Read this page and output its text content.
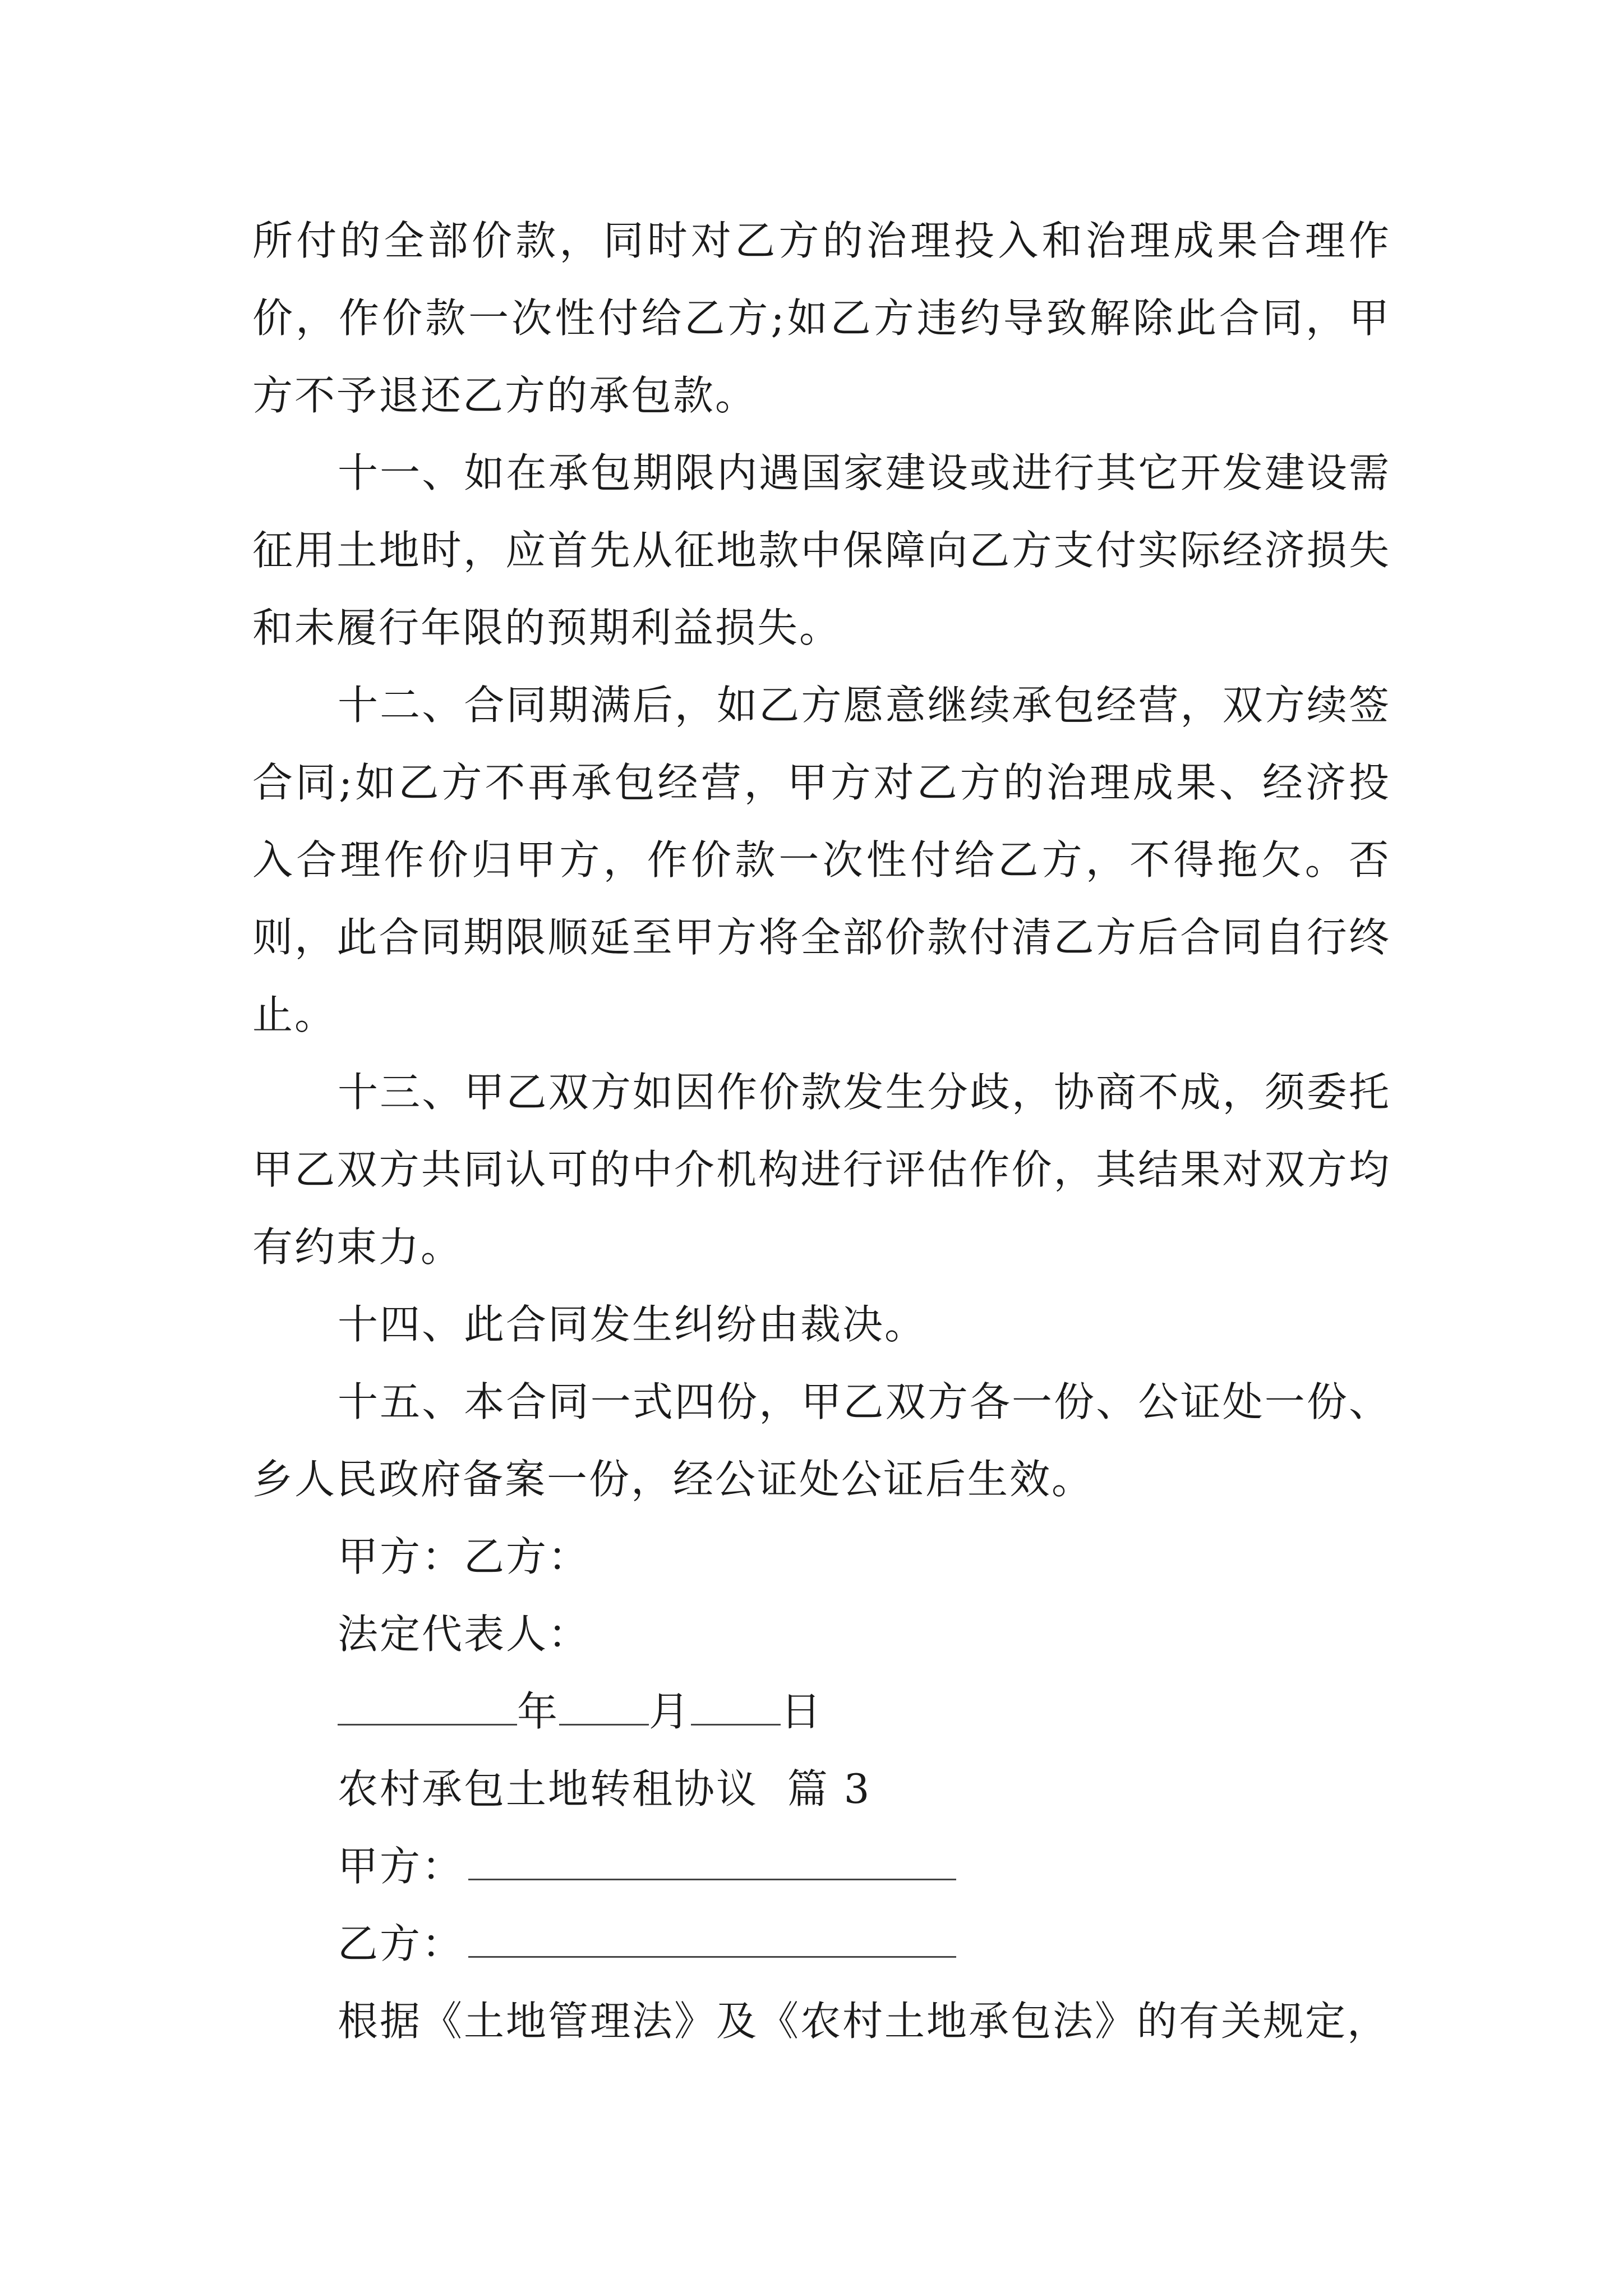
所付的全部价款，同时对乙方的治理投入和治理成果合理作价，作价款一次性付给乙方;如乙方违约导致解除此合同，甲方不予退还乙方的承包款。

十一、如在承包期限内遇国家建设或进行其它开发建设需征用土地时，应首先从征地款中保障向乙方支付实际经济损失和未履行年限的预期利益损失。

十二、合同期满后，如乙方愿意继续承包经营，双方续签合同;如乙方不再承包经营，甲方对乙方的治理成果、经济投入合理作价归甲方，作价款一次性付给乙方，不得拖欠。否则，此合同期限顺延至甲方将全部价款付清乙方后合同自行终止。

十三、甲乙双方如因作价款发生分歧，协商不成，须委托甲乙双方共同认可的中介机构进行评估作价，其结果对双方均有约束力。

十四、此合同发生纠纷由裁决。

十五、本合同一式四份，甲乙双方各一份、公证处一份、乡人民政府备案一份，经公证处公证后生效。

甲方：乙方：

法定代表人：

年 月 日

农村承包土地转租协议  篇 3

甲方：

乙方：

根据《土地管理法》及《农村土地承包法》的有关规定，
